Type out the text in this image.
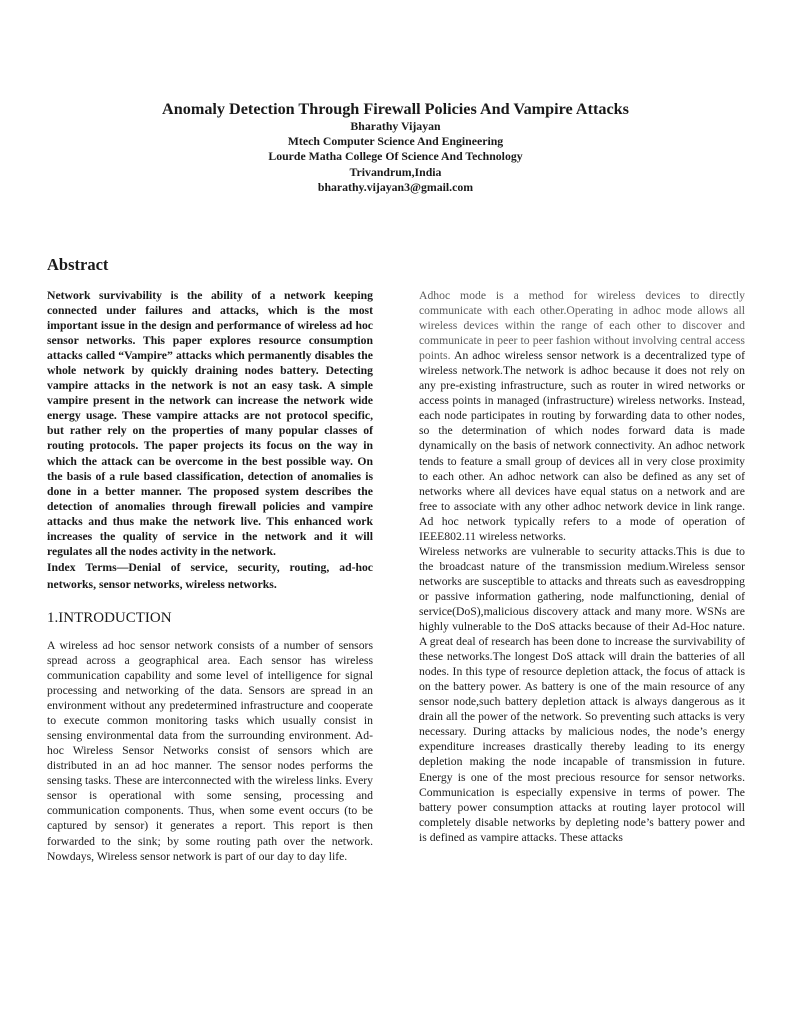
Anomaly Detection Through Firewall Policies And Vampire Attacks
Bharathy Vijayan
Mtech Computer Science And Engineering
Lourde Matha College Of Science And Technology
Trivandrum,India
bharathy.vijayan3@gmail.com
Abstract

Network survivability is the ability of a network keeping connected under failures and attacks, which is the most important issue in the design and performance of wireless ad hoc sensor networks. This paper explores resource consumption attacks called “Vampire” attacks which permanently disables the whole network by quickly draining nodes battery. Detecting vampire attacks in the network is not an easy task. A simple vampire present in the network can increase the network wide energy usage. These vampire attacks are not protocol specific, but rather rely on the properties of many popular classes of routing protocols. The paper projects its focus on the way in which the attack can be overcome in the best possible way. On the basis of a rule based classification, detection of anomalies is done in a better manner. The proposed system describes the detection of anomalies through firewall policies and vampire attacks and thus make the network live. This enhanced work increases the quality of service in the network and it will regulates all the nodes activity in the network.

Index Terms—Denial of service, security, routing, ad-hoc networks, sensor networks, wireless networks.

1.INTRODUCTION

A wireless ad hoc sensor network consists of a number of sensors spread across a geographical area. Each sensor has wireless communication capability and some level of intelligence for signal processing and networking of the data. Sensors are spread in an environment without any predetermined infrastructure and cooperate to execute common monitoring tasks which usually consist in sensing environmental data from the surrounding environment. Ad-hoc Wireless Sensor Networks consist of sensors which are distributed in an ad hoc manner. The sensor nodes performs the sensing tasks. These are interconnected with the wireless links. Every sensor is operational with some sensing, processing and communication components. Thus, when some event occurs (to be captured by sensor) it generates a report. This report is then forwarded to the sink; by some routing path over the network. Nowdays, Wireless sensor network is part of our day to day life.

Adhoc mode is a method for wireless devices to directly communicate with each other.Operating in adhoc mode allows all wireless devices within the range of each other to discover and communicate in peer to peer fashion without involving central access points. An adhoc wireless sensor network is a decentralized type of wireless network.The network is adhoc because it does not rely on any pre-existing infrastructure, such as router in wired networks or access points in managed (infrastructure) wireless networks. Instead, each node participates in routing by forwarding data to other nodes, so the determination of which nodes forward data is made dynamically on the basis of network connectivity. An adhoc network tends to feature a small group of devices all in very close proximity to each other. An adhoc network can also be defined as any set of networks where all devices have equal status on a network and are free to associate with any other adhoc network device in link range. Ad hoc network typically refers to a mode of operation of IEEE802.11 wireless networks.

Wireless networks are vulnerable to security attacks.This is due to the broadcast nature of the transmission medium.Wireless sensor networks are susceptible to attacks and threats such as eavesdropping or passive information gathering, node malfunctioning, denial of service(DoS),malicious discovery attack and many more. WSNs are highly vulnerable to the DoS attacks because of their Ad-Hoc nature. A great deal of research has been done to increase the survivability of these networks.The longest DoS attack will drain the batteries of all nodes. In this type of resource depletion attack, the focus of attack is on the battery power. As battery is one of the main resource of any sensor node,such battery depletion attack is always dangerous as it drain all the power of the network. So preventing such attacks is very necessary. During attacks by malicious nodes, the node’s energy expenditure increases drastically thereby leading to its energy depletion making the node incapable of transmission in future. Energy is one of the most precious resource for sensor networks. Communication is especially expensive in terms of power. The battery power consumption attacks at routing layer protocol will completely disable networks by depleting node’s battery power and is defined as vampire attacks. These attacks
